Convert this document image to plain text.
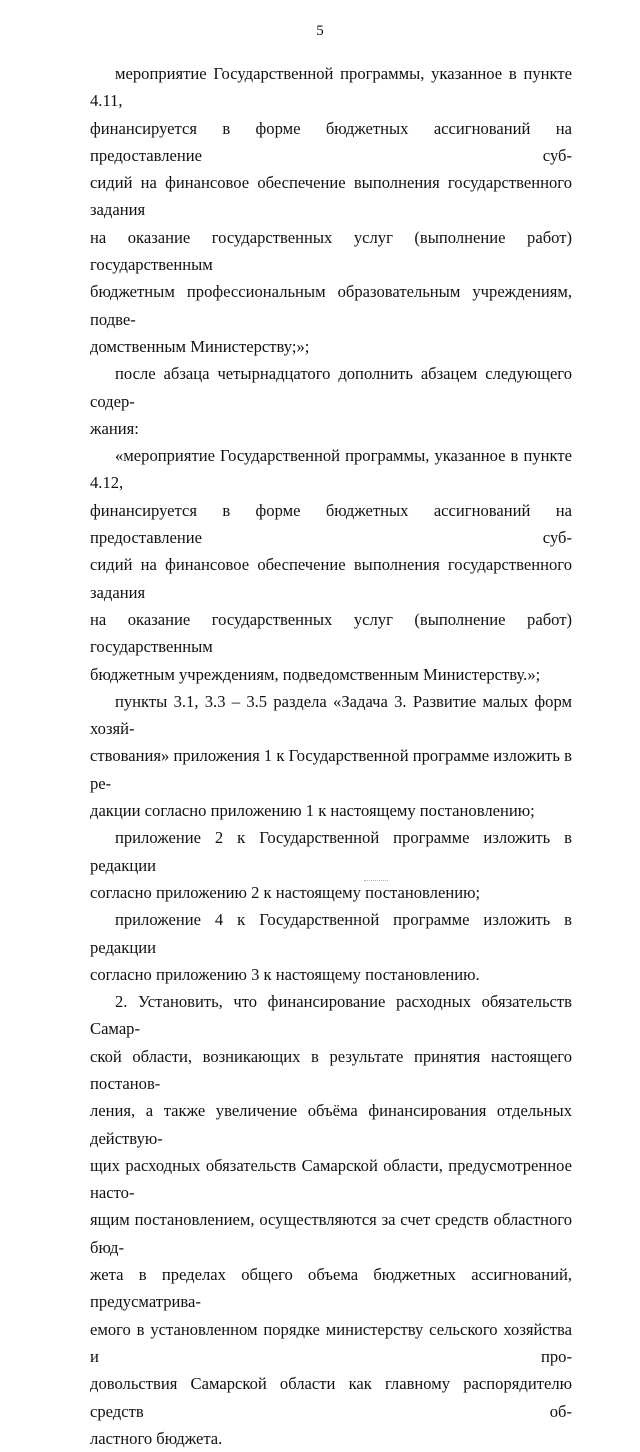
5

мероприятие Государственной программы, указанное в пункте 4.11,
финансируется в форме бюджетных ассигнований на предоставление суб-
сидий на финансовое обеспечение выполнения государственного задания
на оказание государственных услуг (выполнение работ) государственным
бюджетным профессиональным образовательным учреждениям, подве-
домственным Министерству;»;

после абзаца четырнадцатого дополнить абзацем следующего содер-
жания:

«мероприятие Государственной программы, указанное в пункте 4.12,
финансируется в форме бюджетных ассигнований на предоставление суб-
сидий на финансовое обеспечение выполнения государственного задания
на оказание государственных услуг (выполнение работ) государственным
бюджетным учреждениям, подведомственным Министерству.»;

пункты 3.1, 3.3 – 3.5 раздела «Задача 3. Развитие малых форм хозяй-
ствования» приложения 1 к Государственной программе изложить в ре-
дакции согласно приложению 1 к настоящему постановлению;

приложение 2 к Государственной программе изложить в редакции
согласно приложению 2 к настоящему постановлению;

приложение 4 к Государственной программе изложить в редакции
согласно приложению 3 к настоящему постановлению.

2. Установить, что финансирование расходных обязательств Самар-
ской области, возникающих в результате принятия настоящего постанов-
ления, а также увеличение объёма финансирования отдельных действую-
щих расходных обязательств Самарской области, предусмотренное насто-
ящим постановлением, осуществляются за счет средств областного бюд-
жета в пределах общего объема бюджетных ассигнований, предусматрива-
емого в установленном порядке министерству сельского хозяйства и про-
довольствия Самарской области как главному распорядителю средств об-
ластного бюджета.
